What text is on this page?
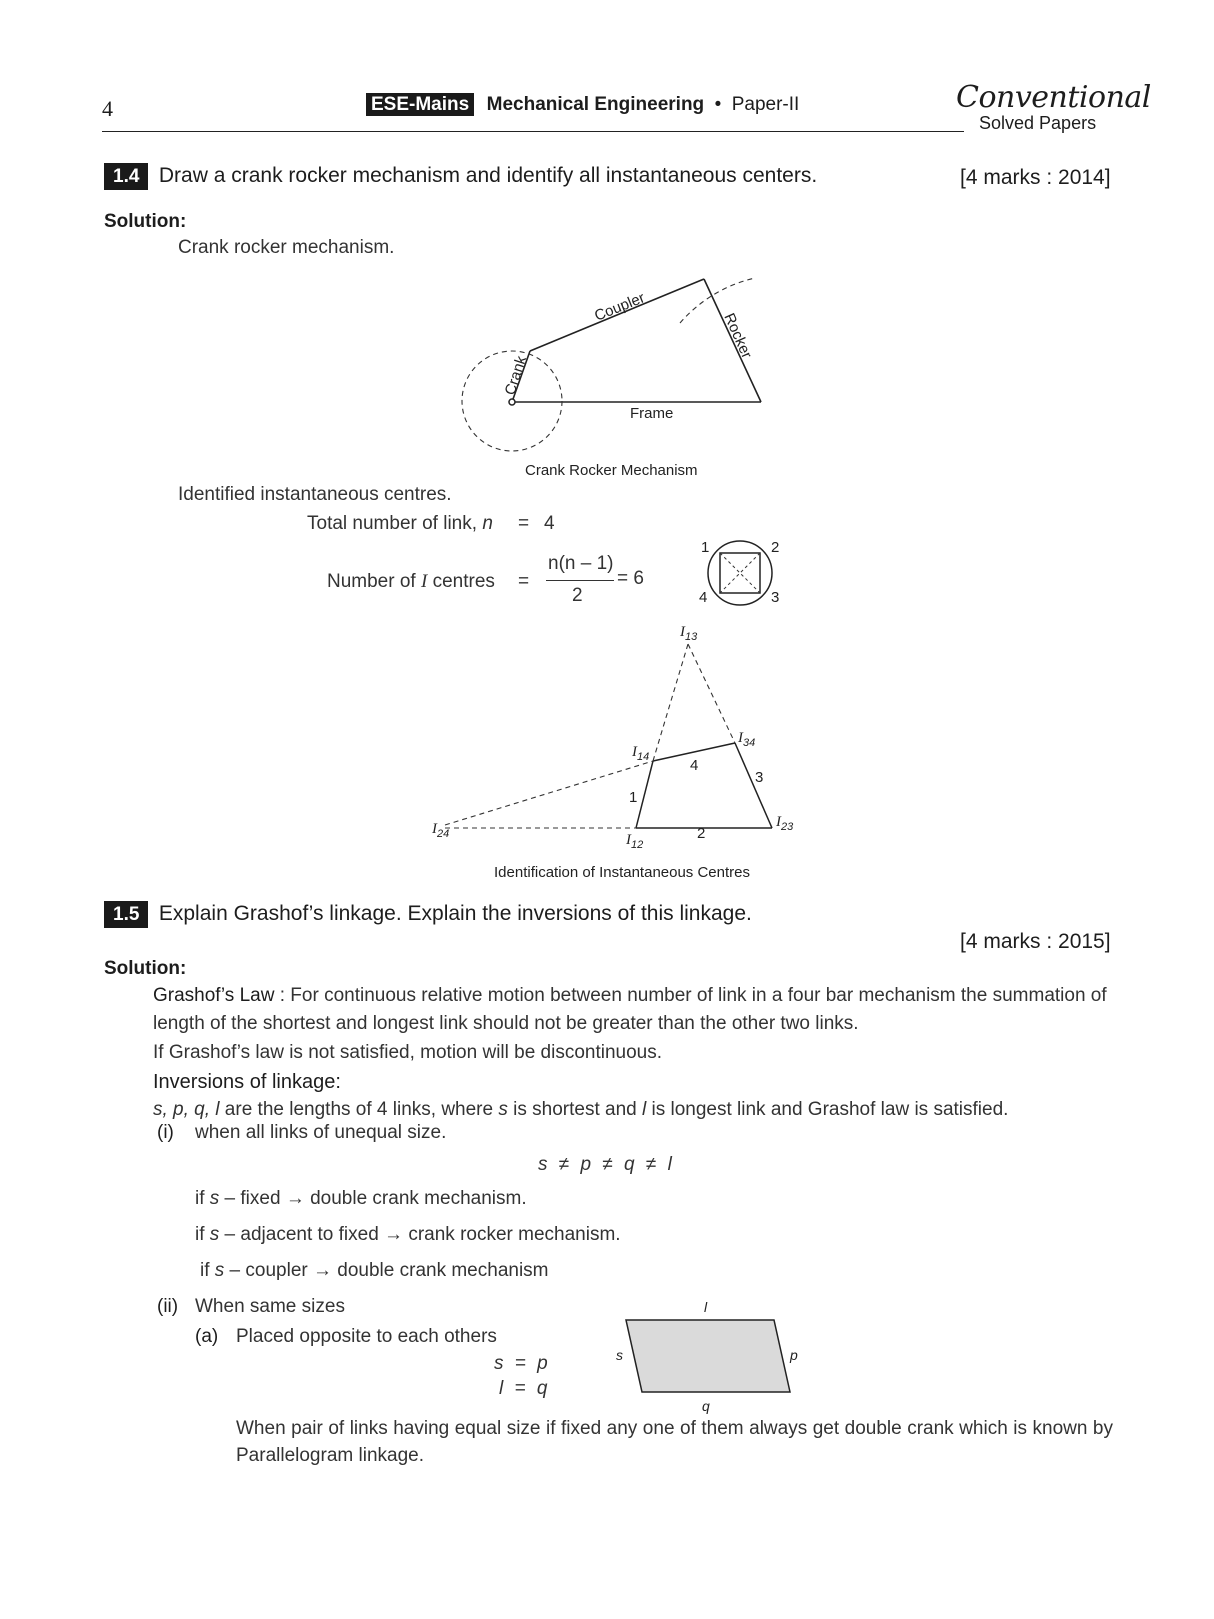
4	ESE-Mains Mechanical Engineering • Paper-II	Conventional
Solved Papers
1.4 Draw a crank rocker mechanism and identify all instantaneous centers.	[4 marks : 2014]
Solution:
Crank rocker mechanism.
Coupler
Rocker
Crank
Frame
Crank Rocker Mechanism
Identified instantaneous centres.
Total number of link, n = 4
Number of I centres =
n(n – 1)
2
= 6
1	2
3
4
$I_{13}$
$I_{34}$
$I_{14}$
$I_{24}$	$I_{12}$
$I_{23}$
1
2
3
4
Identification of Instantaneous Centres
1.5 Explain Grashof’s linkage. Explain the inversions of this linkage.
[4 marks : 2015]
Solution:
Grashof’s Law : For continuous relative motion between number of link in a four bar mechanism the summation of length of the shortest and longest link should not be greater than the other two links.
If Grashof’s law is not satisfied, motion will be discontinuous.
Inversions of linkage:
s, p, q, l are the lengths of 4 links, where s is shortest and l is longest link and Grashof law is satisfied.
(i) when all links of unequal size.
s ≠ p ≠ q ≠ l
if s – fixed → double crank mechanism.
if s – adjacent to fixed → crank rocker mechanism.
if s – coupler → double crank mechanism
(ii) When same sizes
(a) Placed opposite to each others
s = p
l = q
l
s	p
q
When pair of links having equal size if fixed any one of them always get double crank which is known by Parallelogram linkage.
